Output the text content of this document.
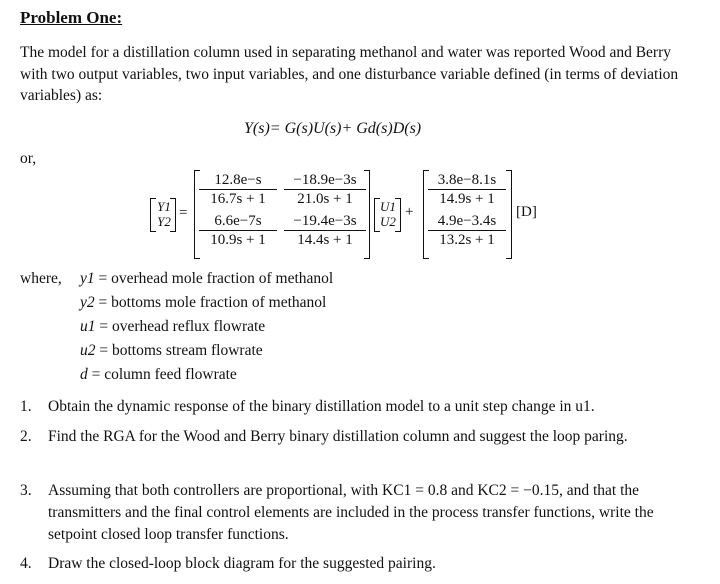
Problem One:
The model for a distillation column used in separating methanol and water was reported Wood and Berry with two output variables, two input variables, and one disturbance variable defined (in terms of deviation variables) as:
Y(s)= G(s)U(s)+ Gd(s)D(s)
or,
Y1
Y2
=
$\frac{12.8e-s}{16.7s + 1} \frac{-18.9e-3s}{21.0s + 1}$
$\frac{6.6e-7s}{10.9s + 1} \frac{-19.4e-3s}{14.4s + 1}$
U1
U2
+
$\frac{3.8e-8.1s}{14.9s + 1}$
$\frac{4.9e-3.4s}{13.2s + 1}$
[D]
where, y1 = overhead mole fraction of methanol
y2 = bottoms mole fraction of methanol
u1 = overhead reflux flowrate
u2 = bottoms stream flowrate
d = column feed flowrate
1. Obtain the dynamic response of the binary distillation model to a unit step change in u1.
2. Find the RGA for the Wood and Berry binary distillation column and suggest the loop paring.
3. Assuming that both controllers are proportional, with KC1 = 0.8 and KC2 = −0.15, and that the transmitters and the final control elements are included in the process transfer functions, write the setpoint closed loop transfer functions.
4. Draw the closed-loop block diagram for the suggested pairing.
